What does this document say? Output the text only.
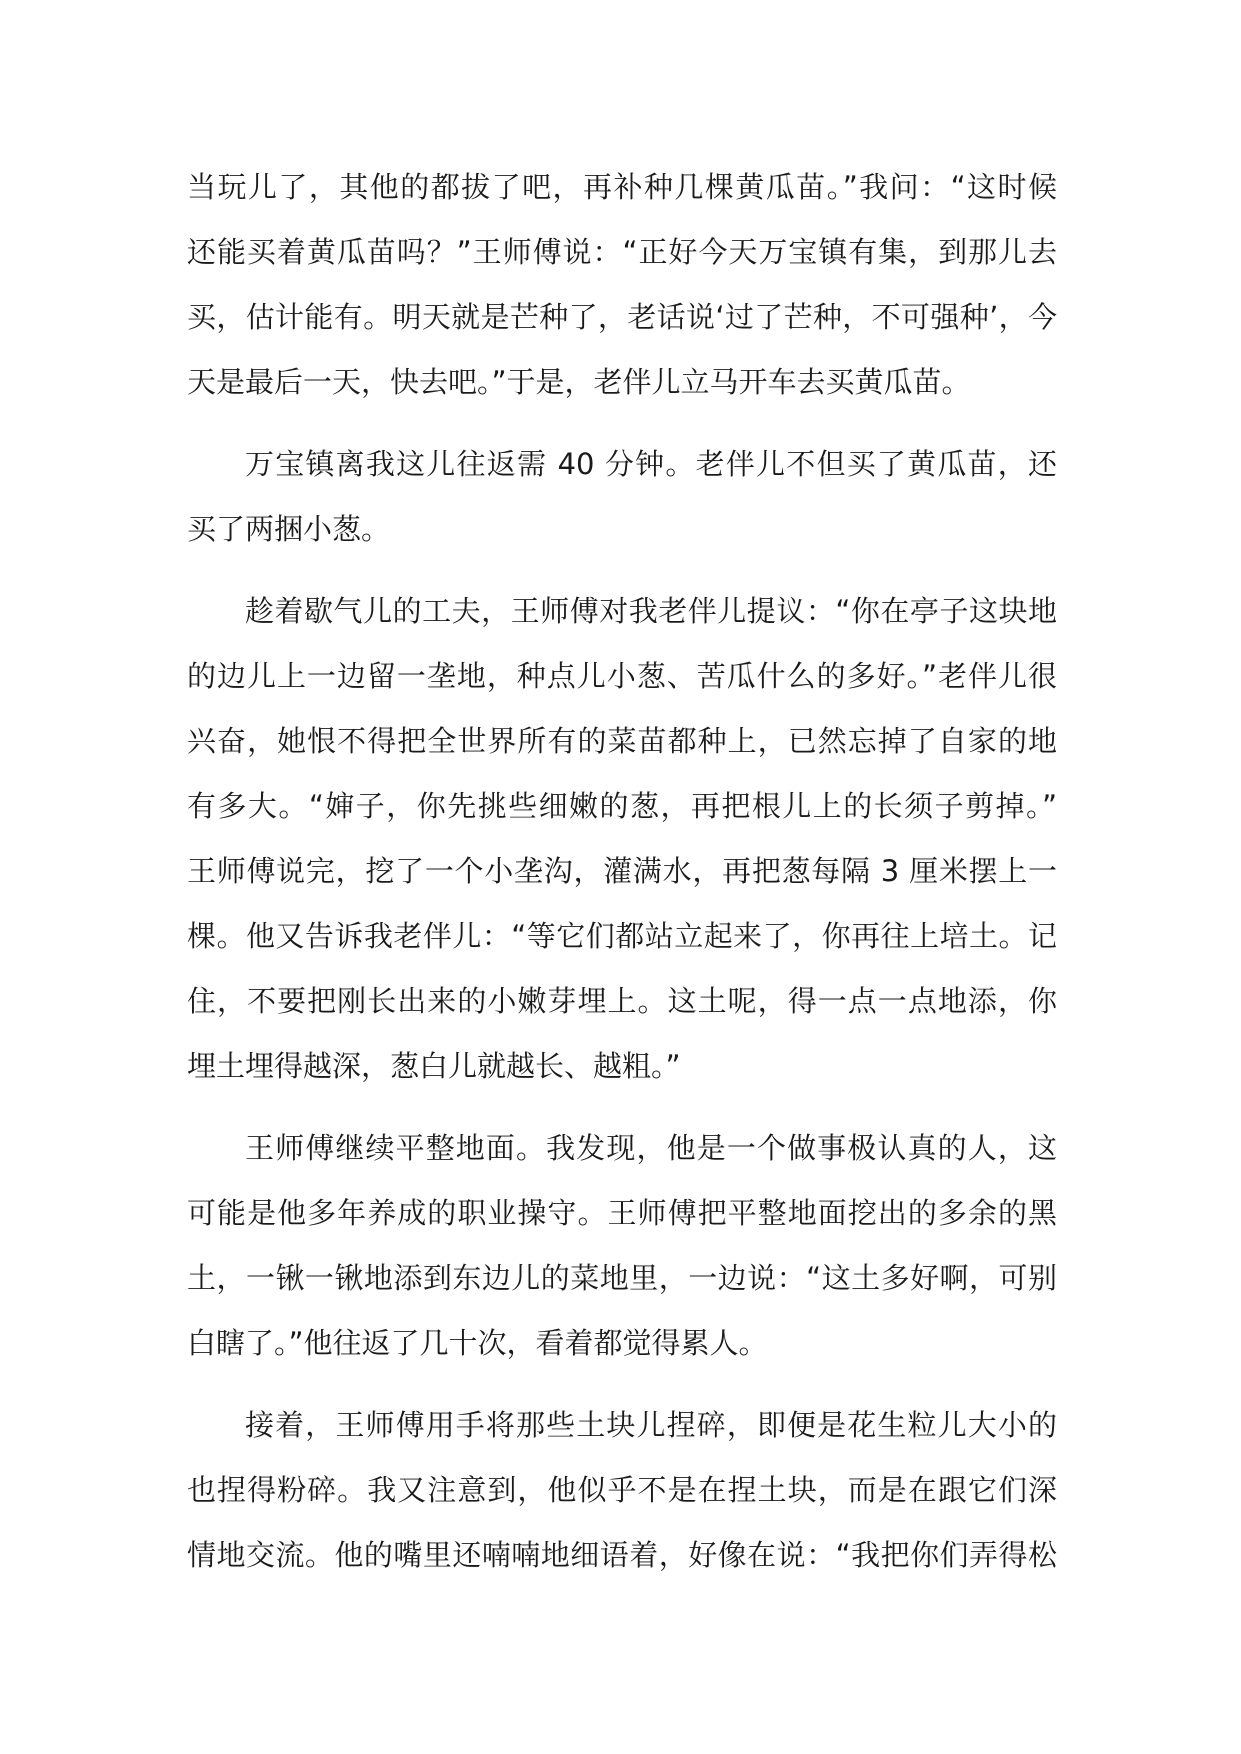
当玩儿了，其他的都拔了吧，再补种几棵黄瓜苗。”我问：“这时候
还能买着黄瓜苗吗？”王师傅说：“正好今天万宝镇有集，到那儿去
买，估计能有。明天就是芒种了，老话说‘过了芒种，不可强种’，今
天是最后一天，快去吧。”于是，老伴儿立马开车去买黄瓜苗。
万宝镇离我这儿往返需 40 分钟。老伴儿不但买了黄瓜苗，还
买了两捆小葱。
趁着歇气儿的工夫，王师傅对我老伴儿提议：“你在亭子这块地
的边儿上一边留一垄地，种点儿小葱、苦瓜什么的多好。”老伴儿很
兴奋，她恨不得把全世界所有的菜苗都种上，已然忘掉了自家的地
有多大。“婶子，你先挑些细嫩的葱，再把根儿上的长须子剪掉。”
王师傅说完，挖了一个小垄沟，灌满水，再把葱每隔 3 厘米摆上一
棵。他又告诉我老伴儿：“等它们都站立起来了，你再往上培土。记
住，不要把刚长出来的小嫩芽埋上。这土呢，得一点一点地添，你
埋土埋得越深，葱白儿就越长、越粗。”
王师傅继续平整地面。我发现，他是一个做事极认真的人，这
可能是他多年养成的职业操守。王师傅把平整地面挖出的多余的黑
土，一锹一锹地添到东边儿的菜地里，一边说：“这土多好啊，可别
白瞎了。”他往返了几十次，看着都觉得累人。
接着，王师傅用手将那些土块儿捏碎，即便是花生粒儿大小的
也捏得粉碎。我又注意到，他似乎不是在捏土块，而是在跟它们深
情地交流。他的嘴里还喃喃地细语着，好像在说：“我把你们弄得松
